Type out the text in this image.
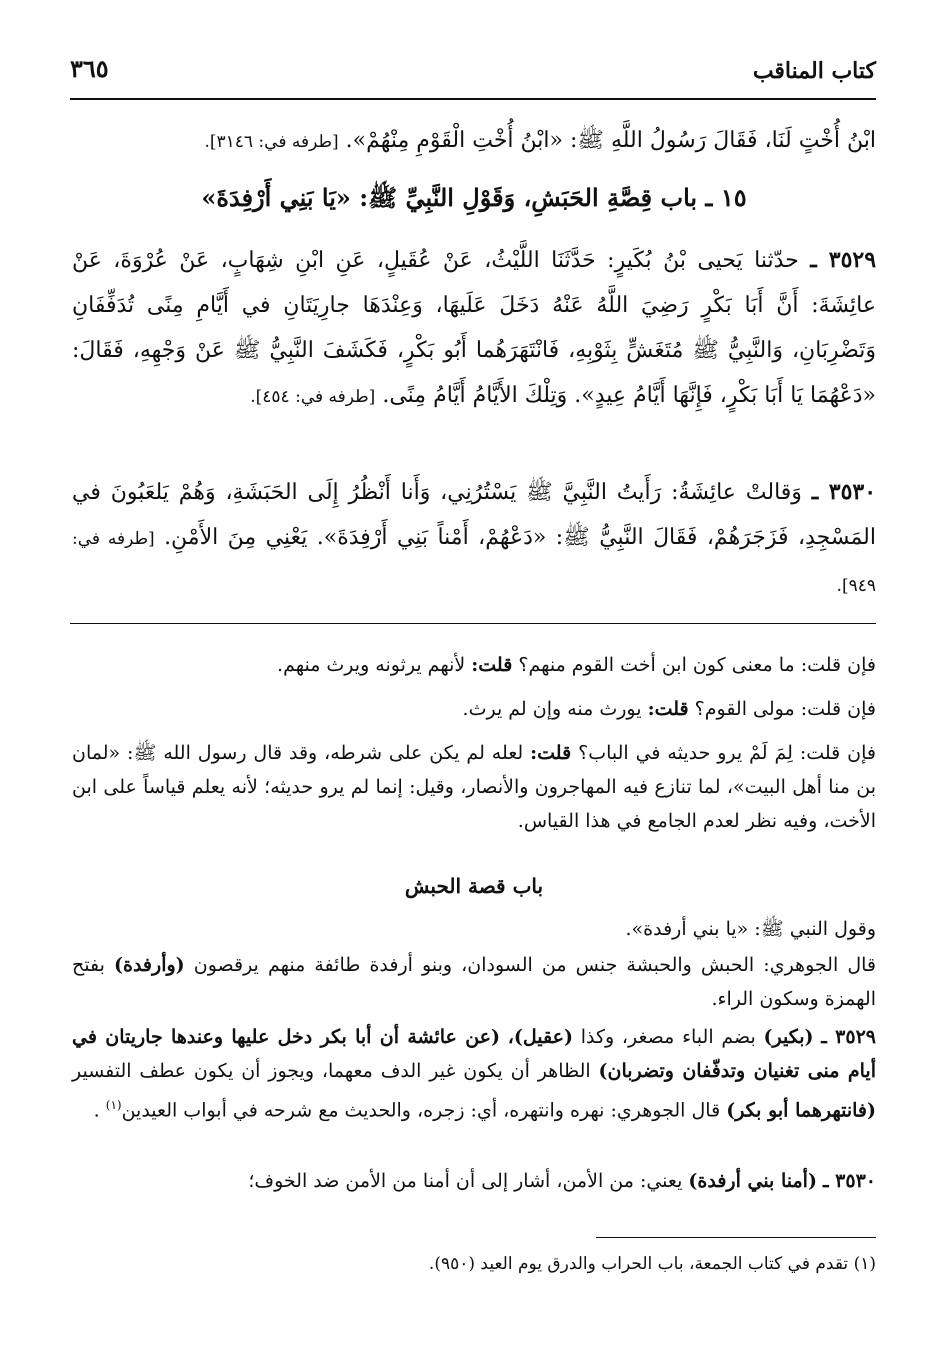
كتاب المناقب
٣٦٥
ابْنُ أُخْتٍ لَنَا، فَقَالَ رَسُولُ اللَّهِ ﷺ: «ابْنُ أُخْتِ الْقَوْمِ مِنْهُمْ». [طرفه في: ٣١٤٦].
١٥ ـ باب قِصَّةِ الحَبَشِ، وَقَوْلِ النَّبِيِّ ﷺ: «يَا بَنِي أَرْفِدَةَ»
٣٥٢٩ ـ حدّثنا يَحيى بْنُ بُكَيرٍ: حَدَّثَنَا اللَّيْثُ، عَنْ عُقَيلٍ، عَنِ ابْنِ شِهَابٍ، عَنْ عُرْوَةَ، عَنْ عائِشَةَ: أَنَّ أَبَا بَكْرٍ رَضِيَ اللَّهُ عَنْهُ دَخَلَ عَلَيهَا، وَعِنْدَهَا جارِيَتَانِ في أَيَّامِ مِنًى تُدَفِّفَانِ وَتَضْرِبَانِ، وَالنَّبِيُّ ﷺ مُتَغَشٍّ بِثَوْبِهِ، فَانْتَهَرَهُما أَبُو بَكْرٍ، فَكَشَفَ النَّبِيُّ ﷺ عَنْ وَجْهِهِ، فَقَالَ: «دَعْهُمَا يَا أَبَا بَكْرٍ، فَإِنَّهَا أَيَّامُ عِيدٍ». وَتِلْكَ الأَيَّامُ أَيَّامُ مِنًى. [طرفه في: ٤٥٤].
٣٥٣٠ ـ وَقالتْ عائِشَةُ: رَأَيتُ النَّبِيَّ ﷺ يَسْتُرُنِي، وَأَنا أَنْظُرُ إِلَى الحَبَشَةِ، وَهُمْ يَلعَبُونَ في المَسْجِدِ، فَزَجَرَهُمْ، فَقَالَ النَّبِيُّ ﷺ: «دَعْهُمْ، أَمْناً بَنِي أَرْفِدَةَ». يَعْنِي مِنَ الأَمْنِ. [طرفه في: ٩٤٩].
فإن قلت: ما معنى كون ابن أخت القوم منهم؟ قلت: لأنهم يرثونه ويرث منهم.
فإن قلت: مولى القوم؟ قلت: يورث منه وإن لم يرث.
فإن قلت: لِمَ لَمْ يرو حديثه في الباب؟ قلت: لعله لم يكن على شرطه، وقد قال رسول الله ﷺ: «لمان بن منا أهل البيت»، لما تنازع فيه المهاجرون والأنصار، وقيل: إنما لم يرو حديثه؛ لأنه يعلم قياساً على ابن الأخت، وفيه نظر لعدم الجامع في هذا القياس.
باب قصة الحبش
وقول النبي ﷺ: «يا بني أرفدة».
قال الجوهري: الحبش والحبشة جنس من السودان، وبنو أرفدة طائفة منهم يرقصون (وأرفدة) بفتح الهمزة وسكون الراء.
٣٥٢٩ ـ (بكير) بضم الباء مصغر، وكذا (عقيل)، (عن عائشة أن أبا بكر دخل عليها وعندها جاريتان في أيام منى تغنيان وتدفّفان وتضربان) الظاهر أن يكون غير الدف معهما، ويجوز أن يكون عطف التفسير (فانتهرهما أبو بكر) قال الجوهري: نهره وانتهره، أي: زجره، والحديث مع شرحه في أبواب العيدين$^{(١)}$ .
٣٥٣٠ ـ (أمنا بني أرفدة) يعني: من الأمن، أشار إلى أن أمنا من الأمن ضد الخوف؛
(١) تقدم في كتاب الجمعة، باب الحراب والدرق يوم العيد (٩٥٠).
